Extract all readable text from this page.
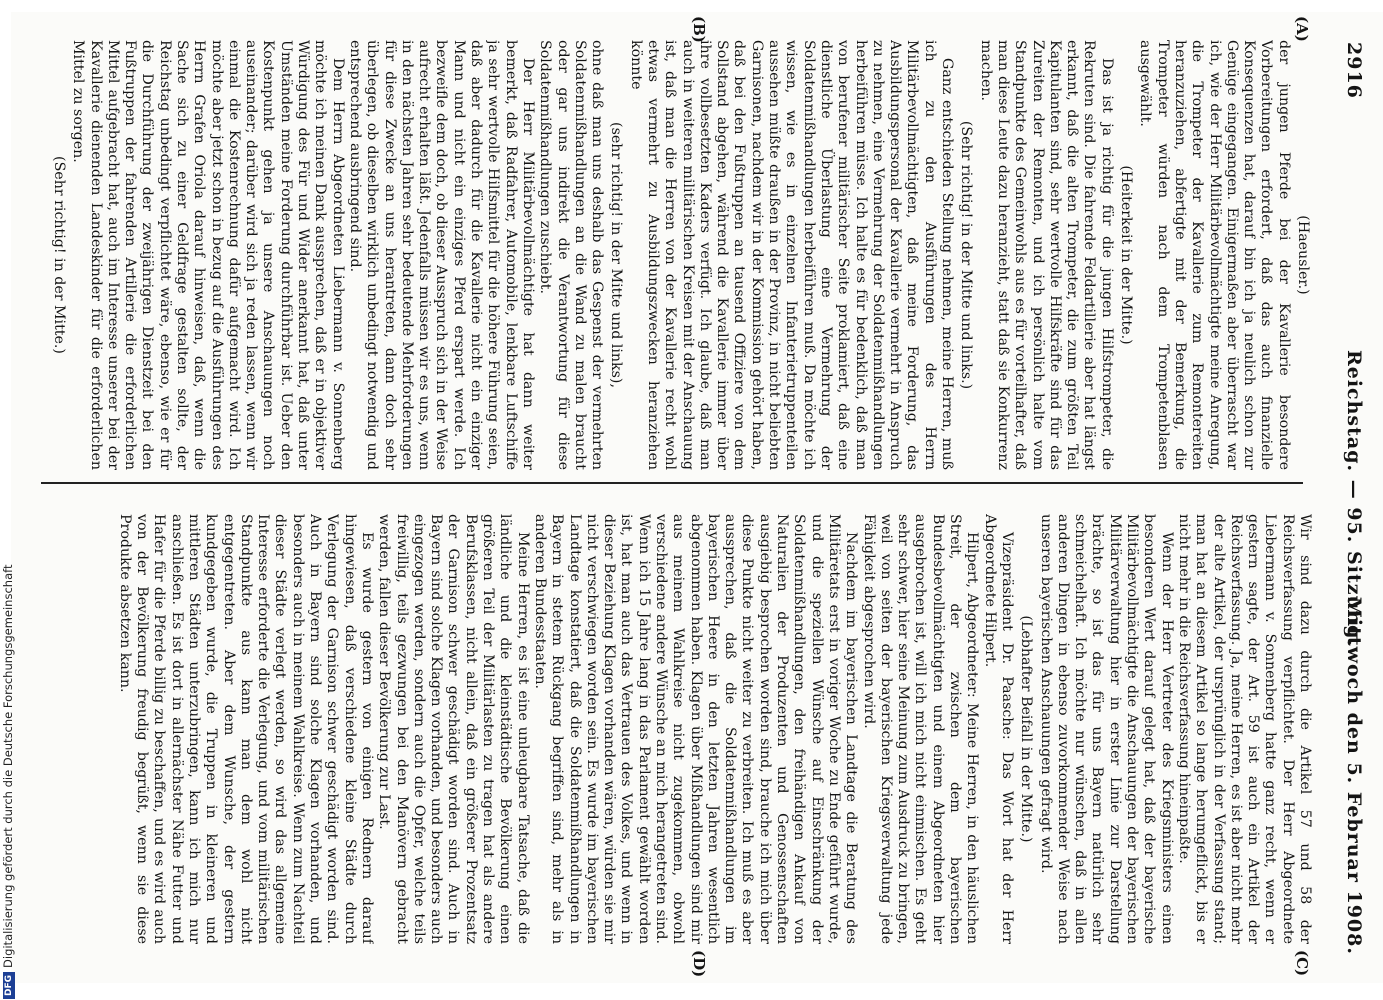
2916
Reichstag. — 95. Sitzung.
Mittwoch den 5. Februar 1908.
(A)
(B)
(C)
(D)

(Haeusler.)

der jungen Pferde bei der Kavallerie besondere Vorbereitungen erfordert, daß das auch finanzielle Konsequenzen hat, darauf bin ich ja neulich schon zur Genüge eingegangen. Einigermaßen aber überrascht war ich, wie der Herr Militärbevollmächtigte meine Anregung, die Trompeter der Kavallerie zum Remontereiten heranzuziehen, abfertigte mit der Bemerkung, die Trompeter würden nach dem Trompetenblasen ausgewählt.

(Heiterkeit in der Mitte.)

Das ist ja richtig für die jungen Hilfstrompeter, die Rekruten sind. Die fahrende Feldartillerie aber hat längst erkannt, daß die alten Trompeter, die zum größten Teil Kapitulanten sind, sehr wertvolle Hilfskräfte sind für das Zureiten der Remonten, und ich persönlich halte vom Standpunkte des Gemeinwohls aus es für vorteilhafter, daß man diese Leute dazu heranzieht, statt daß sie Konkurrenz machen.

(Sehr richtig! in der Mitte und links.)

Ganz entschieden Stellung nehmen, meine Herren, muß ich zu den Ausführungen des Herrn Militärbevollmächtigten, daß meine Forderung, das Ausbildungspersonal der Kavallerie vermehrt in Anspruch zu nehmen, eine Vermehrung der Soldatenmißhandlungen herbeiführen müsse. Ich halte es für bedenklich, daß man von berufener militärischer Seite proklamiert, daß eine dienstliche Überlastung eine Vermehrung der Soldatenmißhandlungen herbeiführen muß. Da möchte ich wissen, wie es in einzelnen Infanterietruppenteilen aussehen müßte draußen in der Provinz, in nicht beliebten Garnisonen, nachdem wir in der Kommission gehört haben, daß bei den Fußtruppen an tausend Offiziere von dem Sollstand abgehen, während die Kavallerie immer über ihre vollbesetzten Kaders verfügt. Ich glaube, daß man auch in weiteren militärischen Kreisen mit der Anschauung ist, daß man die Herren von der Kavallerie recht wohl etwas vermehrt zu Ausbildungszwecken heranziehen könnte

(sehr richtig! in der Mitte und links),

ohne daß man uns deshalb das Gespenst der vermehrten Soldatenmißhandlungen an die Wand zu malen braucht oder gar uns indirekt die Verantwortung für diese Soldatenmißhandlungen zuschiebt.

Der Herr Militärbevollmächtigte hat dann weiter bemerkt, daß Radfahrer, Automobile, lenkbare Luftschiffe ja sehr wertvolle Hilfsmittel für die höhere Führung seien, daß aber dadurch für die Kavallerie nicht ein einziger Mann und nicht ein einziges Pferd erspart werde. Ich bezweifle dem doch, ob dieser Ausspruch sich in der Weise aufrecht erhalten läßt. Jedenfalls müssen wir es uns, wenn in den nächsten Jahren sehr bedeutende Mehrforderungen für diese Zwecke an uns herantreten, dann doch sehr überlegen, ob dieselben wirklich unbedingt notwendig und entsprechend ausbringend sind.

Dem Herrn Abgeordneten Liebermann v. Sonnenberg möchte ich meinen Dank aussprechen, daß er in objektiver Würdigung des Für und Wider anerkannt hat, daß unter Umständen meine Forderung durchführbar ist. Ueber den Kostenpunkt gehen ja unsere Anschauungen noch auseinander; darüber wird sich ja reden lassen, wenn wir einmal die Kostenrechnung dafür aufgemacht wird. Ich möchte aber jetzt schon in bezug auf die Ausführungen des Herrn Grafen Oriola darauf hinweisen, daß, wenn die Sache sich zu einer Geldfrage gestalten sollte, der Reichstag unbedingt verpflichtet wäre, ebenso, wie er für die Durchführung der zweijährigen Dienstzeit bei den Fußtruppen der fahrenden Artillerie die erforderlichen Mittel aufgebracht hat, auch im Interesse unserer bei der Kavallerie dienenden Landeskinder für die erforderlichen Mittel zu sorgen.

(Sehr richtig! in der Mitte.)

Wir sind dazu durch die Artikel 57 und 58 der Reichsverfassung verpflichtet. Der Herr Abgeordnete Liebermann v. Sonnenberg hatte ganz recht, wenn er gestern sagte, der Art. 59 ist auch ein Artikel der Reichsverfassung. Ja, meine Herren, es ist aber nicht mehr der alte Artikel, der ursprünglich in der Verfassung stand; man hat an diesem Artikel so lange herumgeflickt, bis er nicht mehr in die Reichsverfassung hineinpaßte.

Wenn der Herr Vertreter des Kriegsministers einen besonderen Wert darauf gelegt hat, daß der bayerische Militärbevollmächtigte die Anschauungen der bayerischen Militärverwaltung hier in erster Linie zur Darstellung brächte, so ist das für uns Bayern natürlich sehr schmeichelhaft. Ich möchte nur wünschen, daß in allen anderen Dingen in ebenso zuvorkommender Weise nach unseren bayerischen Anschauungen gefragt wird.

(Lebhafter Beifall in der Mitte.)

Vizepräsident Dr. Paasche: Das Wort hat der Herr Abgeordnete Hilpert.

Hilpert, Abgeordneter: Meine Herren, in den häuslichen Streit, der zwischen dem bayerischen Bundesbevollmächtigten und einem Abgeordneten hier ausgebrochen ist, will ich mich nicht einmischen. Es geht sehr schwer, hier seine Meinung zum Ausdruck zu bringen, weil von seiten der bayerischen Kriegsverwaltung jede Fähigkeit abgesprochen wird.

Nachdem im bayerischen Landtage die Beratung des Militäretats erst in voriger Woche zu Ende geführt wurde, und die speziellen Wünsche auf Einschränkung der Soldatenmißhandlungen, den freihändigen Ankauf von Naturalien der Produzenten und Genossenschaften ausgiebig besprochen worden sind, brauche ich mich über diese Punkte nicht weiter zu verbreiten. Ich muß es aber aussprechen, daß die Soldatenmißhandlungen im bayerischen Heere in den letzten Jahren wesentlich abgenommen haben. Klagen über Mißhandlungen sind mir aus meinem Wahlkreise nicht zugekommen, obwohl verschiedene andere Wünsche an mich herangetreten sind. Wenn ich 15 Jahre lang in das Parlament gewählt worden ist, hat man auch das Vertrauen des Volkes, und wenn in dieser Beziehung Klagen vorhanden wären, würden sie mir nicht verschwiegen worden sein. Es wurde im bayerischen Landtage konstatiert, daß die Soldatenmißhandlungen in Bayern in stetem Rückgang begriffen sind, mehr als in anderen Bundesstaaten.

Meine Herren, es ist eine unleugbare Tatsache, daß die ländliche und die kleinstädtische Bevölkerung einen größeren Teil der Militärlasten zu tragen hat als andere Berufsklassen, nicht allein, daß ein größerer Prozentsatz der Garnison schwer geschädigt worden sind. Auch in Bayern sind solche Klagen vorhanden, und besonders auch eingezogen werden, sondern auch die Opfer, welche teils freiwillig, teils gezwungen bei den Manövern gebracht werden, fallen dieser Bevölkerung zur Last.

Es wurde gestern von einigen Rednern darauf hingewiesen, daß verschiedene kleine Städte durch Verlegung der Garnison schwer geschädigt worden sind. Auch in Bayern sind solche Klagen vorhanden, und besonders auch in meinem Wahlkreise. Wenn zum Nachteil dieser Städte verlegt werden, so wird das allgemeine Interesse erforderte die Verlegung, und vom militärischen Standpunkte aus kann man dem wohl nicht entgegentreten. Aber dem Wunsche, der gestern kundgegeben wurde, die Truppen in kleineren und mittleren Städten unterzubringen, kann ich mich nur anschließen. Es ist dort in allernächster Nähe Futter und Hafer für die Pferde billig zu beschaffen, und es wird auch von der Bevölkerung freudig begrüßt, wenn sie diese Produkte absetzen kann.

DFGDigitalisierung gefördert durch die Deutsche Forschungsgemeinschaft
